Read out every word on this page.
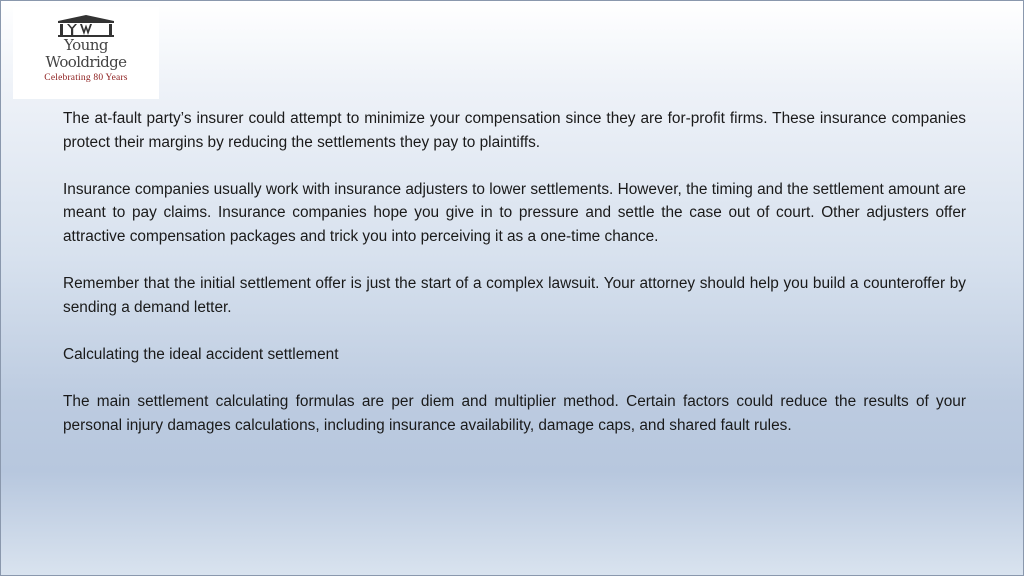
Young
Wooldridge
Celebrating 80 Years

The at-fault party’s insurer could attempt to minimize your compensation since they are for-profit firms. These insurance companies protect their margins by reducing the settlements they pay to plaintiffs.

Insurance companies usually work with insurance adjusters to lower settlements. However, the timing and the settlement amount are meant to pay claims. Insurance companies hope you give in to pressure and settle the case out of court. Other adjusters offer attractive compensation packages and trick you into perceiving it as a one-time chance.

Remember that the initial settlement offer is just the start of a complex lawsuit. Your attorney should help you build a counteroffer by sending a demand letter.

Calculating the ideal accident settlement

The main settlement calculating formulas are per diem and multiplier method. Certain factors could reduce the results of your personal injury damages calculations, including insurance availability, damage caps, and shared fault rules.
